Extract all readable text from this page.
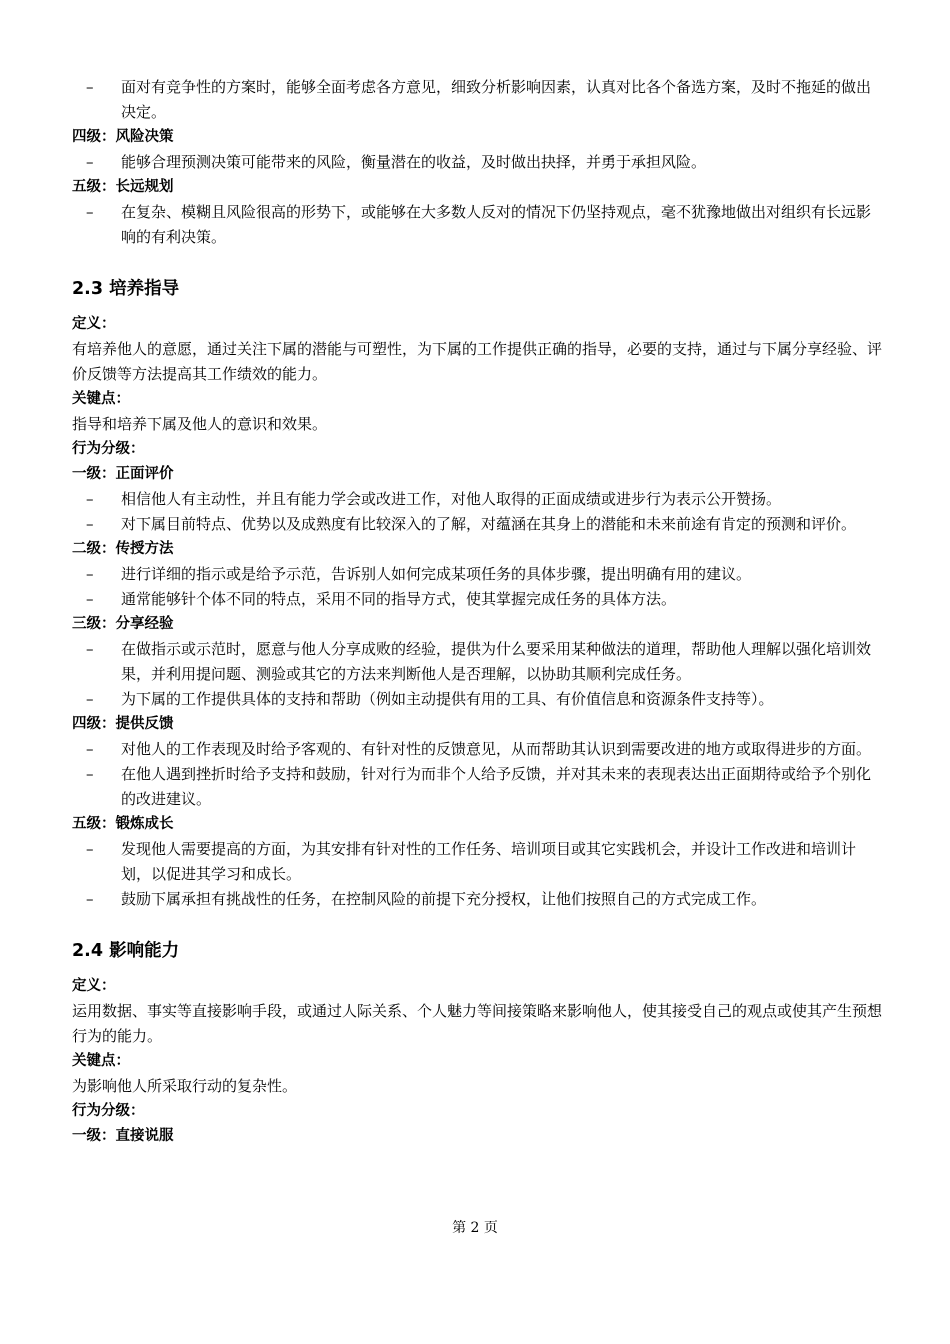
– 面对有竞争性的方案时，能够全面考虑各方意见，细致分析影响因素，认真对比各个备选方案，及时不拖延的做出决定。
四级：风险决策
– 能够合理预测决策可能带来的风险，衡量潜在的收益，及时做出抉择，并勇于承担风险。
五级：长远规划
– 在复杂、模糊且风险很高的形势下，或能够在大多数人反对的情况下仍坚持观点，毫不犹豫地做出对组织有长远影响的有利决策。
2.3 培养指导
定义：
有培养他人的意愿，通过关注下属的潜能与可塑性，为下属的工作提供正确的指导，必要的支持，通过与下属分享经验、评价反馈等方法提高其工作绩效的能力。
关键点：
指导和培养下属及他人的意识和效果。
行为分级：
一级：正面评价
– 相信他人有主动性，并且有能力学会或改进工作，对他人取得的正面成绩或进步行为表示公开赞扬。
– 对下属目前特点、优势以及成熟度有比较深入的了解，对蕴涵在其身上的潜能和未来前途有肯定的预测和评价。
二级：传授方法
– 进行详细的指示或是给予示范，告诉别人如何完成某项任务的具体步骤，提出明确有用的建议。
– 通常能够针个体不同的特点，采用不同的指导方式，使其掌握完成任务的具体方法。
三级：分享经验
– 在做指示或示范时，愿意与他人分享成败的经验，提供为什么要采用某种做法的道理，帮助他人理解以强化培训效果，并利用提问题、测验或其它的方法来判断他人是否理解，以协助其顺利完成任务。
– 为下属的工作提供具体的支持和帮助（例如主动提供有用的工具、有价值信息和资源条件支持等）。
四级：提供反馈
– 对他人的工作表现及时给予客观的、有针对性的反馈意见，从而帮助其认识到需要改进的地方或取得进步的方面。
– 在他人遇到挫折时给予支持和鼓励，针对行为而非个人给予反馈，并对其未来的表现表达出正面期待或给予个别化的改进建议。
五级：锻炼成长
– 发现他人需要提高的方面，为其安排有针对性的工作任务、培训项目或其它实践机会，并设计工作改进和培训计划，以促进其学习和成长。
– 鼓励下属承担有挑战性的任务，在控制风险的前提下充分授权，让他们按照自己的方式完成工作。
2.4 影响能力
定义：
运用数据、事实等直接影响手段，或通过人际关系、个人魅力等间接策略来影响他人，使其接受自己的观点或使其产生预想行为的能力。
关键点：
为影响他人所采取行动的复杂性。
行为分级：
一级：直接说服
第 2 页
